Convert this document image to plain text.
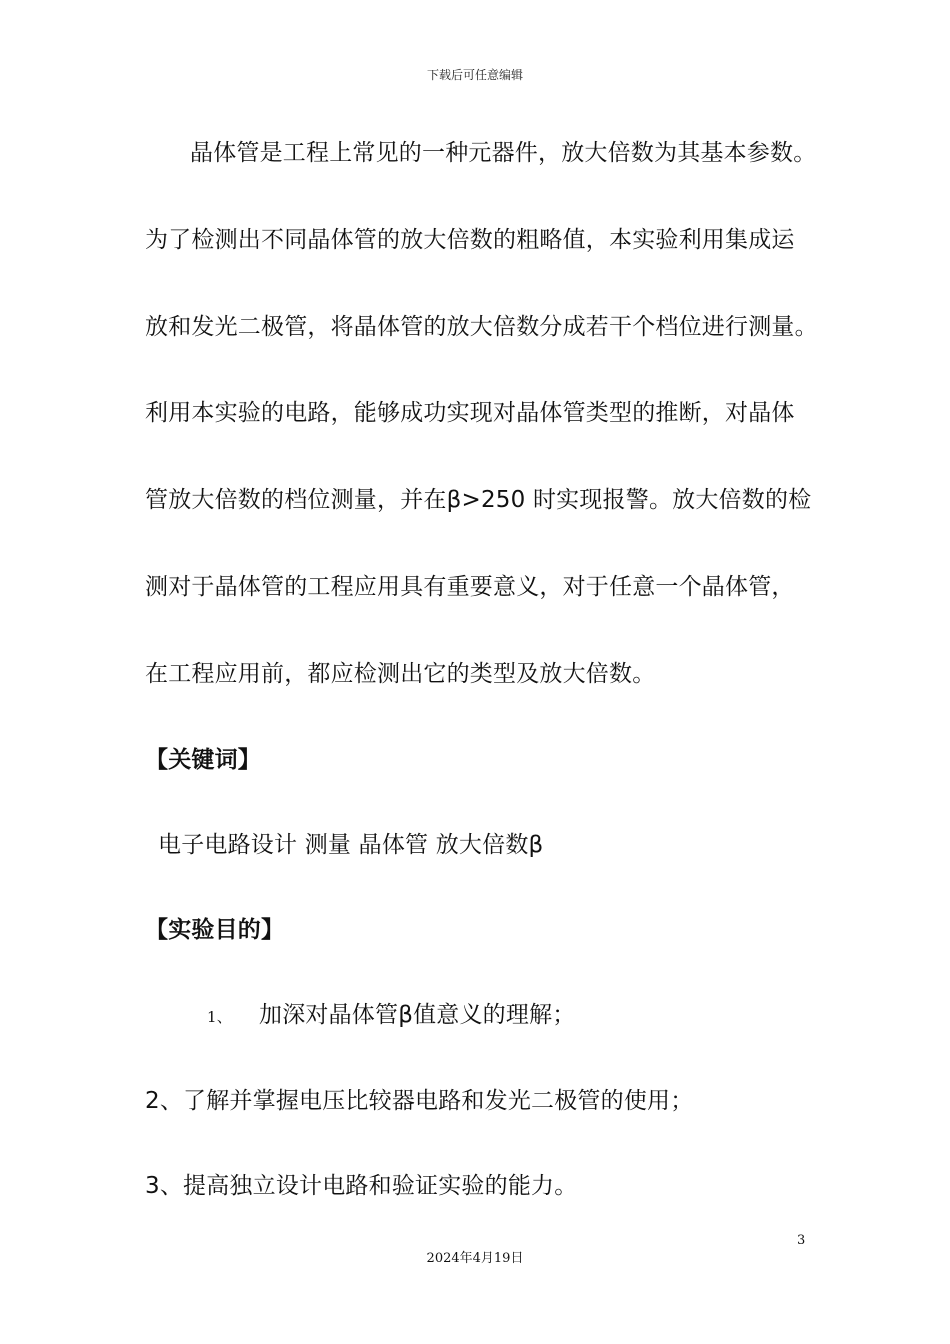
下载后可任意编辑
晶体管是工程上常见的一种元器件，放大倍数为其基本参数。
为了检测出不同晶体管的放大倍数的粗略值，本实验利用集成运
放和发光二极管，将晶体管的放大倍数分成若干个档位进行测量。
利用本实验的电路，能够成功实现对晶体管类型的推断，对晶体
管放大倍数的档位测量，并在β>250 时实现报警。放大倍数的检
测对于晶体管的工程应用具有重要意义，对于任意一个晶体管，
在工程应用前，都应检测出它的类型及放大倍数。
【关键词】
电子电路设计 测量 晶体管 放大倍数β
【实验目的】
1、 加深对晶体管β值意义的理解；
2、了解并掌握电压比较器电路和发光二极管的使用；
3、提高独立设计电路和验证实验的能力。
3
2024年4月19日
